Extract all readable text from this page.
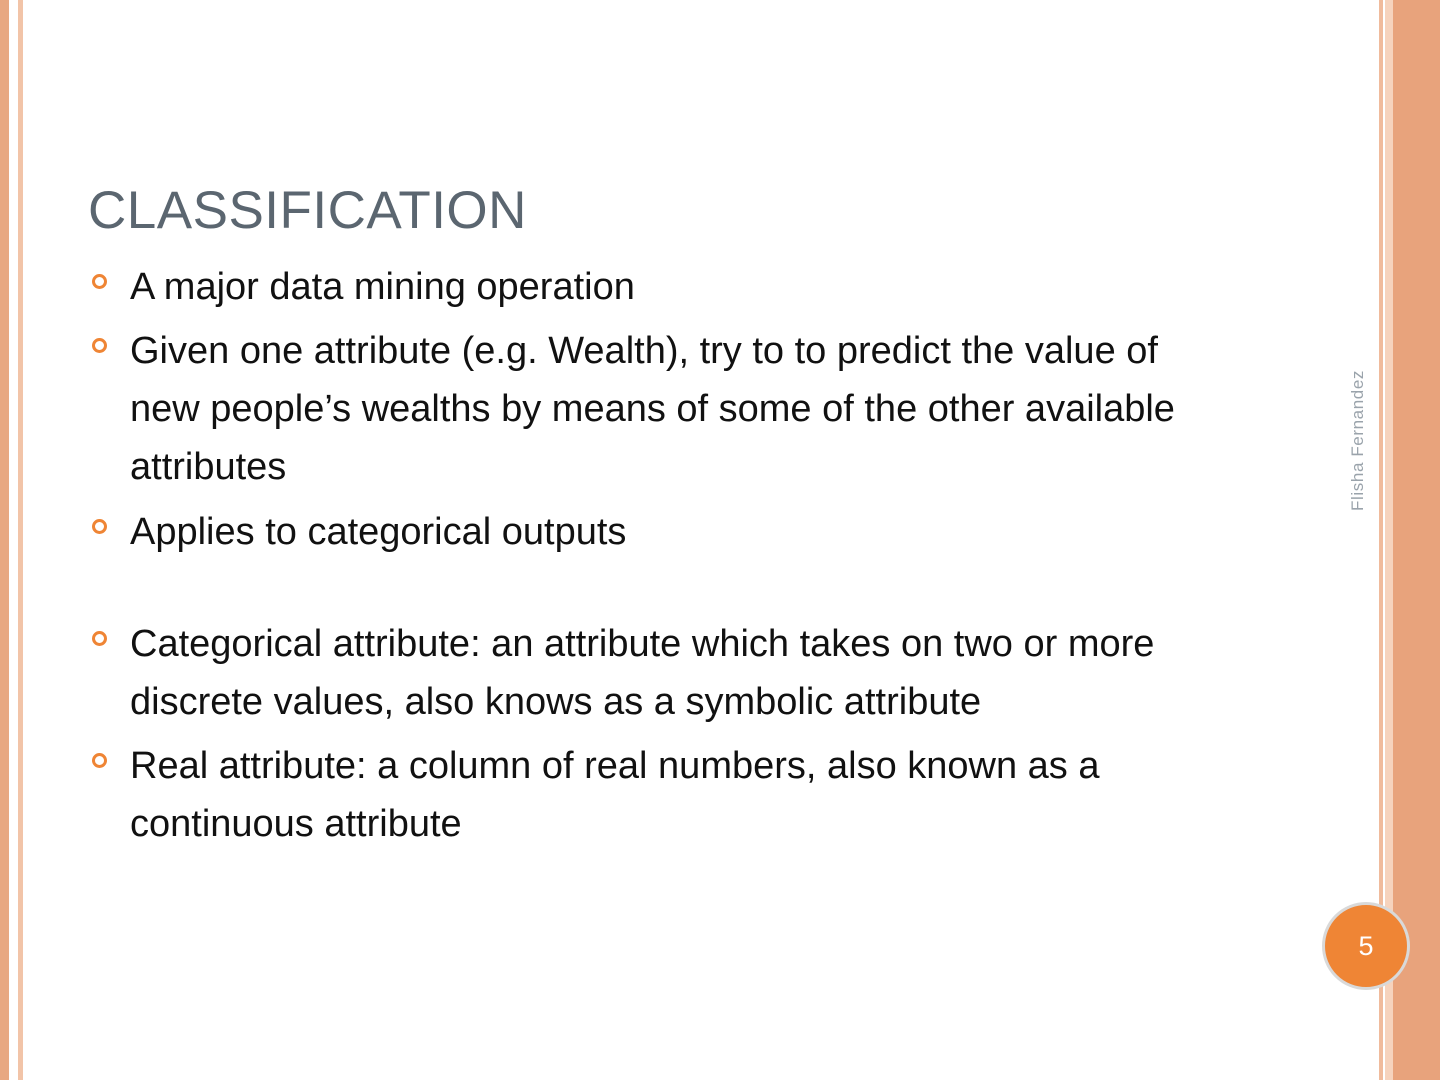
Flisha Fernandez
CLASSIFICATION
A major data mining operation
Given one attribute (e.g. Wealth), try to to predict the value of new people’s wealths by means of some of the other available attributes
Applies to categorical outputs
Categorical attribute: an attribute which takes on two or more discrete values, also knows as a symbolic attribute
Real attribute: a column of real numbers, also known as a continuous attribute
5
